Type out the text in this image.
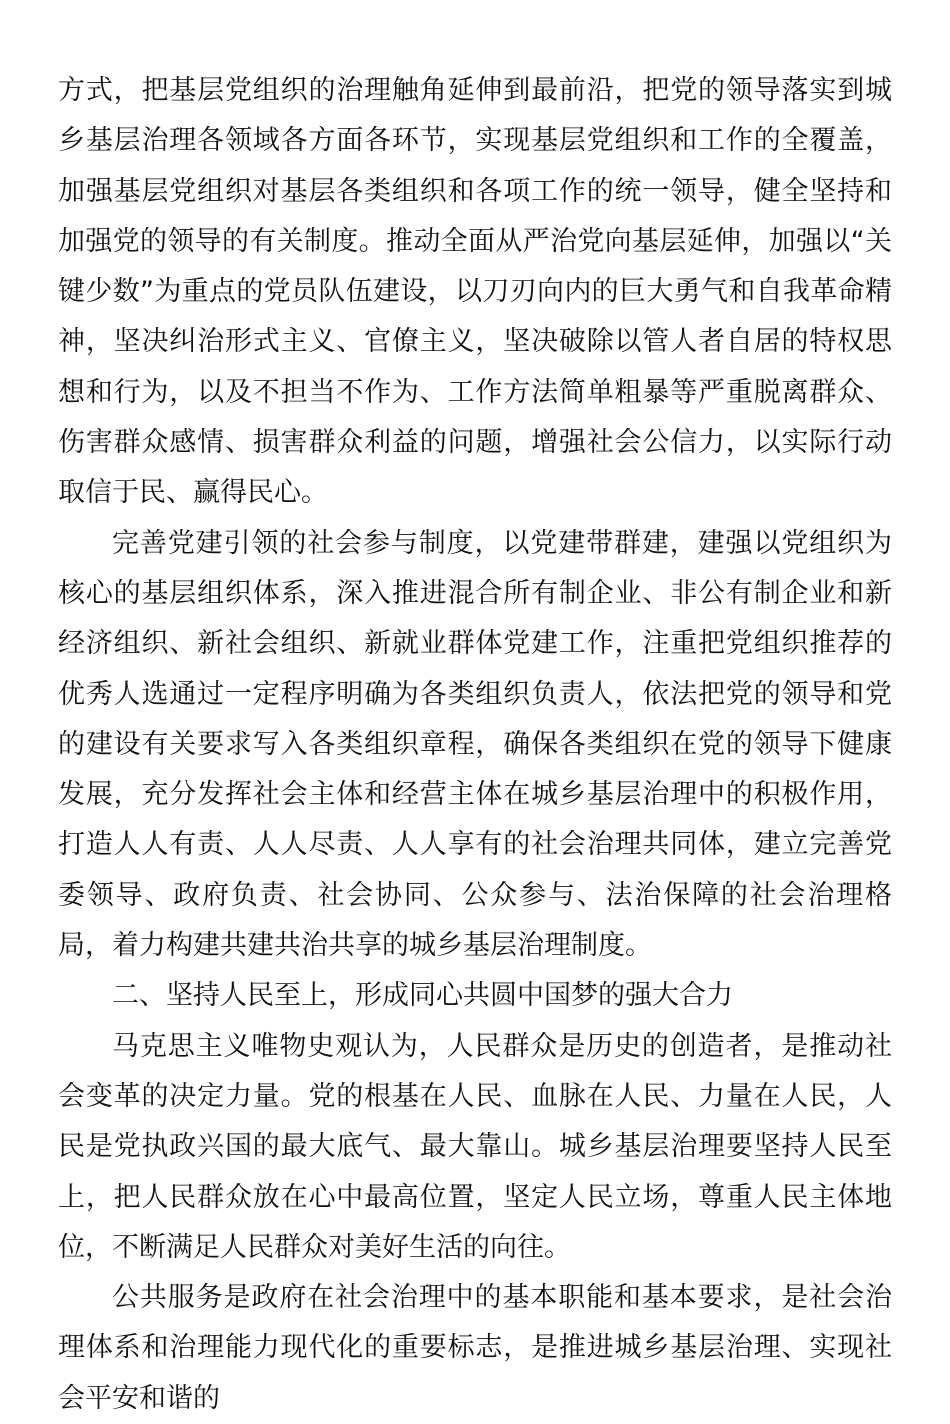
方式，把基层党组织的治理触角延伸到最前沿，把党的领导落实到城乡基层治理各领域各方面各环节，实现基层党组织和工作的全覆盖，加强基层党组织对基层各类组织和各项工作的统一领导，健全坚持和加强党的领导的有关制度。推动全面从严治党向基层延伸，加强以“关键少数”为重点的党员队伍建设，以刀刃向内的巨大勇气和自我革命精神，坚决纠治形式主义、官僚主义，坚决破除以管人者自居的特权思想和行为，以及不担当不作为、工作方法简单粗暴等严重脱离群众、伤害群众感情、损害群众利益的问题，增强社会公信力，以实际行动取信于民、赢得民心。

完善党建引领的社会参与制度，以党建带群建，建强以党组织为核心的基层组织体系，深入推进混合所有制企业、非公有制企业和新经济组织、新社会组织、新就业群体党建工作，注重把党组织推荐的优秀人选通过一定程序明确为各类组织负责人，依法把党的领导和党的建设有关要求写入各类组织章程，确保各类组织在党的领导下健康发展，充分发挥社会主体和经营主体在城乡基层治理中的积极作用，打造人人有责、人人尽责、人人享有的社会治理共同体，建立完善党委领导、政府负责、社会协同、公众参与、法治保障的社会治理格局，着力构建共建共治共享的城乡基层治理制度。

二、坚持人民至上，形成同心共圆中国梦的强大合力

马克思主义唯物史观认为，人民群众是历史的创造者，是推动社会变革的决定力量。党的根基在人民、血脉在人民、力量在人民，人民是党执政兴国的最大底气、最大靠山。城乡基层治理要坚持人民至上，把人民群众放在心中最高位置，坚定人民立场，尊重人民主体地位，不断满足人民群众对美好生活的向往。

公共服务是政府在社会治理中的基本职能和基本要求，是社会治理体系和治理能力现代化的重要标志，是推进城乡基层治理、实现社会平安和谐的
